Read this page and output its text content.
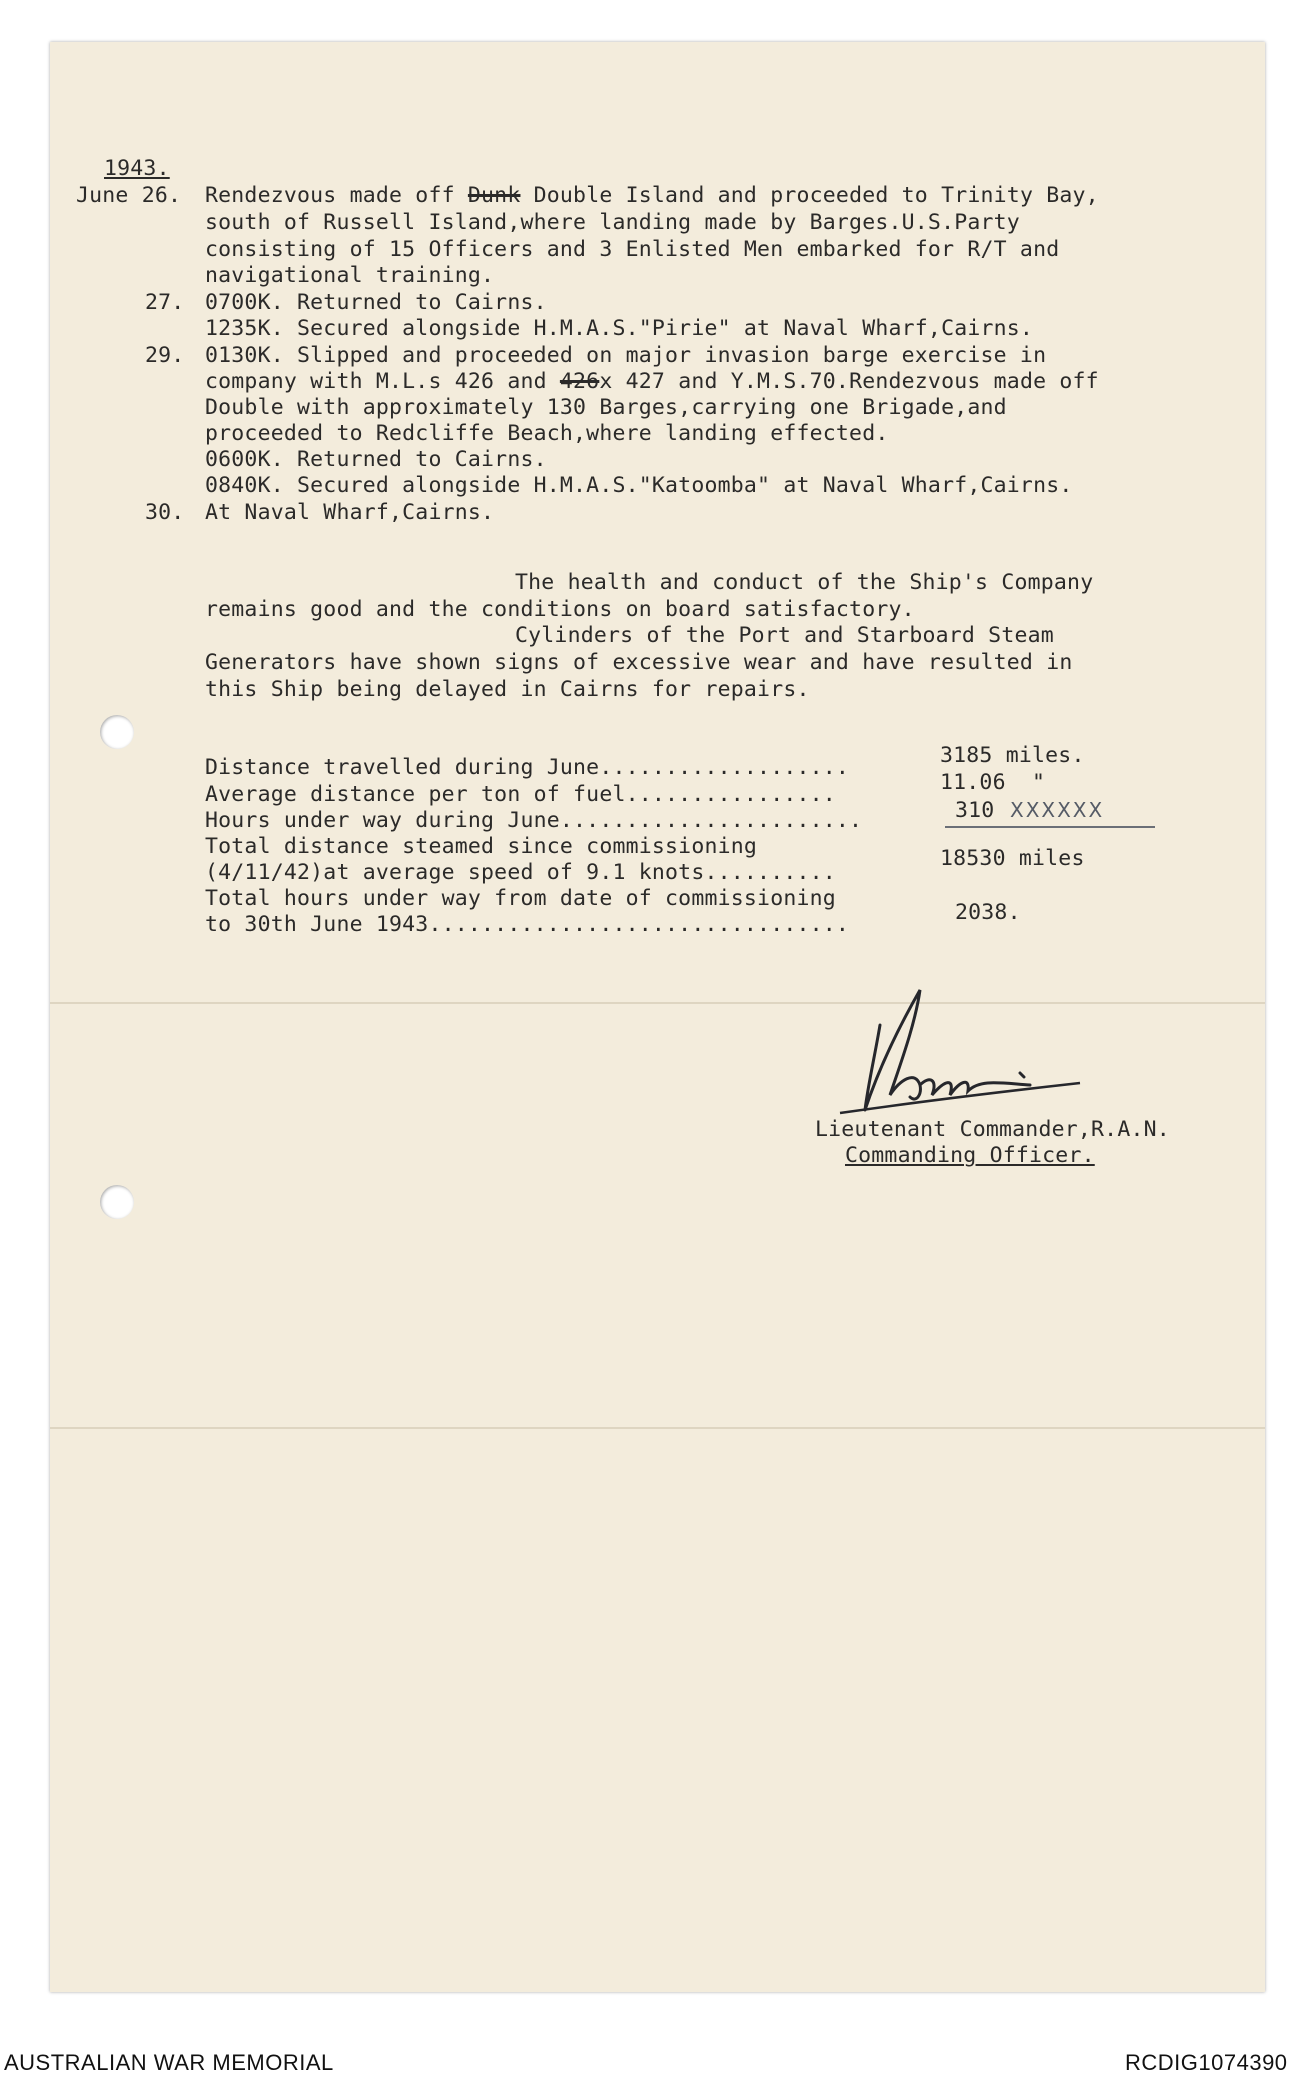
1943.
June 26. Rendezvous made off Dunk Double Island and proceeded to Trinity Bay,
south of Russell Island,where landing made by Barges.U.S.Party
consisting of 15 Officers and 3 Enlisted Men embarked for R/T and
navigational training.
27. 0700K. Returned to Cairns.
1235K. Secured alongside H.M.A.S."Pirie" at Naval Wharf,Cairns.
29. 0130K. Slipped and proceeded on major invasion barge exercise in
company with M.L.s 426 and 426x 427 and Y.M.S.70.Rendezvous made off
Double with approximately 130 Barges,carrying one Brigade,and
proceeded to Redcliffe Beach,where landing effected.
0600K. Returned to Cairns.
0840K. Secured alongside H.M.A.S."Katoomba" at Naval Wharf,Cairns.
30. At Naval Wharf,Cairns.
The health and conduct of the Ship's Company
remains good and the conditions on board satisfactory.
Cylinders of the Port and Starboard Steam
Generators have shown signs of excessive wear and have resulted in
this Ship being delayed in Cairns for repairs.
Distance travelled during June...................	3185 miles.
Average distance per ton of fuel................	11.06  "
Hours under way during June.......................	310 XXXXXX
Total distance steamed since commissioning
(4/11/42)at average speed of 9.1 knots..........
18530 miles
Total hours under way from date of commissioning
to 30th June 1943................................	2038.
Lieutenant Commander,R.A.N.
Commanding Officer.
AUSTRALIAN WAR MEMORIAL	RCDIG1074390
